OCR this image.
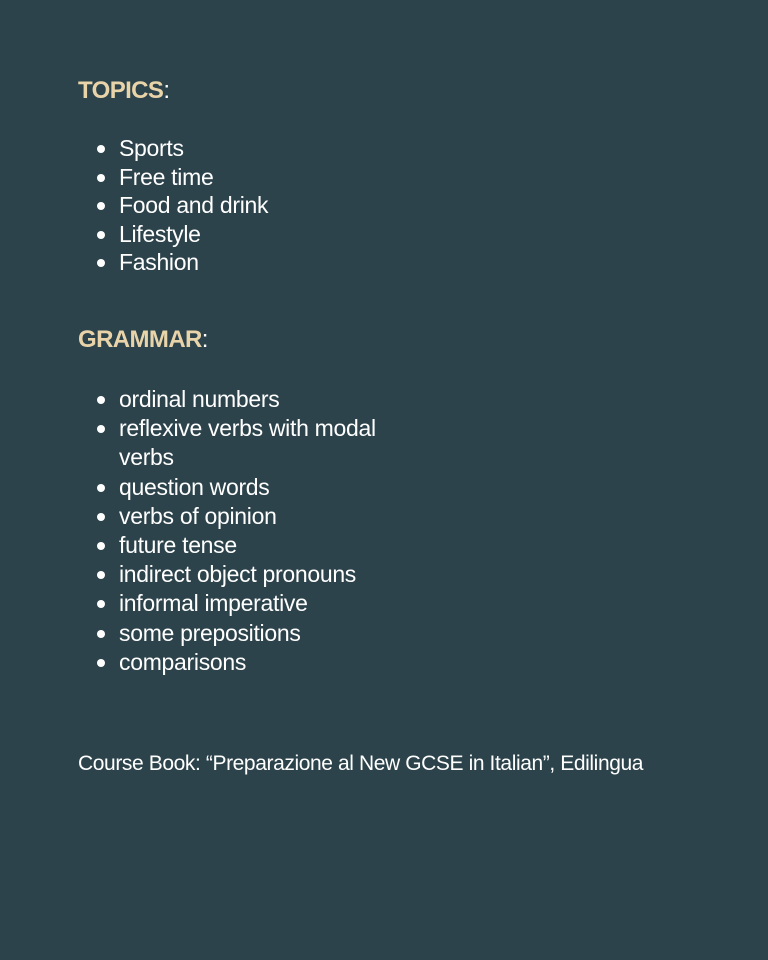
TOPICS:
Sports
Free time
Food and drink
Lifestyle
Fashion
GRAMMAR:
ordinal numbers
reflexive verbs with modal verbs
question words
verbs of opinion
future tense
indirect object pronouns
informal imperative
some prepositions
comparisons

Course Book: “Preparazione al New GCSE in Italian”, Edilingua
